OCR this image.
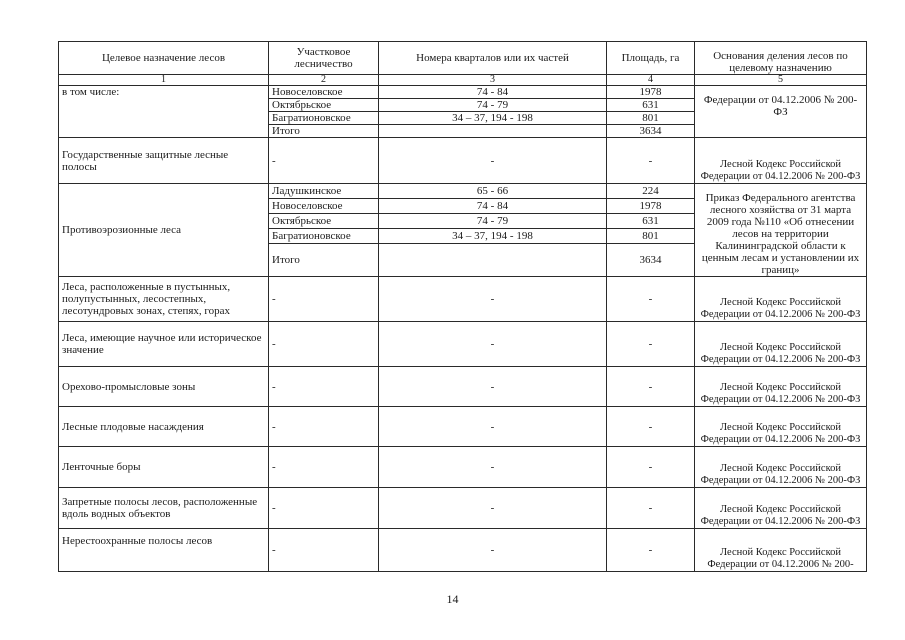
Целевое назначение лесов	Участковое лесничество	Номера кварталов или их частей	Площадь, га	Основания деления лесов по целевому назначению
1	2	3	4	5
в том числе:	Новоселовское	74 - 84	1978	Федерации от 04.12.2006 № 200-ФЗ
	Октябрьское	74 - 79	631	
	Багратионовское	34 – 37, 194 - 198	801	
	Итого		3634	
Государственные защитные лесные полосы	-	-	-	Лесной Кодекс Российской Федерации от 04.12.2006 № 200-ФЗ
Противоэрозионные леса	Ладушкинское	65 - 66	224	Приказ Федерального агентства лесного хозяйства от 31 марта 2009 года №110 «Об отнесении лесов на территории Калининградской области к ценным лесам и установлении их границ»
	Новоселовское	74 - 84	1978	
	Октябрьское	74 - 79	631	
	Багратионовское	34 – 37, 194 - 198	801	
	Итого		3634	
Леса, расположенные в пустынных, полупустынных, лесостепных, лесотундровых зонах, степях, горах	-	-	-	Лесной Кодекс Российской Федерации от 04.12.2006 № 200-ФЗ
Леса, имеющие научное или историческое значение	-	-	-	Лесной Кодекс Российской Федерации от 04.12.2006 № 200-ФЗ
Орехово-промысловые зоны	-	-	-	Лесной Кодекс Российской Федерации от 04.12.2006 № 200-ФЗ
Лесные плодовые насаждения	-	-	-	Лесной Кодекс Российской Федерации от 04.12.2006 № 200-ФЗ
Ленточные боры	-	-	-	Лесной Кодекс Российской Федерации от 04.12.2006 № 200-ФЗ
Запретные полосы лесов, расположенные вдоль водных объектов	-	-	-	Лесной Кодекс Российской Федерации от 04.12.2006 № 200-ФЗ
Нерестоохранные полосы лесов	-	-	-	Лесной Кодекс Российской Федерации от 04.12.2006 № 200-
14
